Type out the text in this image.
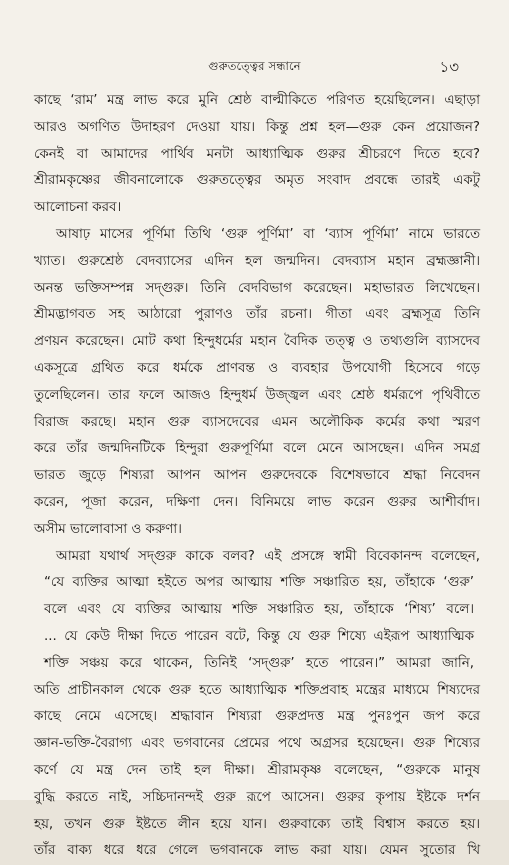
গুরুতত্ত্বের সন্ধানে	১৩
কাছে ‘রাম’ মন্ত্র লাভ করে মুনি শ্রেষ্ঠ বাল্মীকিতে পরিণত হয়েছিলেন। এছাড়া
আরও অগণিত উদাহরণ দেওয়া যায়। কিন্তু প্রশ্ন হল—গুরু কেন প্রয়োজন?
কেনই বা আমাদের পার্থিব মনটা আধ্যাত্মিক গুরুর শ্রীচরণে দিতে হবে?
শ্রীরামকৃষ্ণের জীবনালোকে গুরুতত্ত্বের অমৃত সংবাদ প্রবন্ধে তারই একটু
আলোচনা করব।
আষাঢ় মাসের পূর্ণিমা তিথি ‘গুরু পূর্ণিমা’ বা ‘ব্যাস পূর্ণিমা’ নামে ভারতে
খ্যাত। গুরুশ্রেষ্ঠ বেদব্যাসের এদিন হল জন্মদিন। বেদব্যাস মহান ব্রহ্মজ্ঞানী।
অনন্ত ভক্তিসম্পন্ন সদ্‌গুরু। তিনি বেদবিভাগ করেছেন। মহাভারত লিখেছেন।
শ্রীমদ্ভাগবত সহ আঠারো পুরাণও তাঁর রচনা। গীতা এবং ব্রহ্মসূত্র তিনি
প্রণয়ন করেছেন। মোট কথা হিন্দুধর্মের মহান বৈদিক তত্ত্ব ও তথ্যগুলি ব্যাসদেব
একসূত্রে গ্রথিত করে ধর্মকে প্রাণবন্ত ও ব্যবহার উপযোগী হিসেবে গড়ে
তুলেছিলেন। তার ফলে আজও হিন্দুধর্ম উজ্জ্বল এবং শ্রেষ্ঠ ধর্মরূপে পৃথিবীতে
বিরাজ করছে। মহান গুরু ব্যাসদেবের এমন অলৌকিক কর্মের কথা স্মরণ
করে তাঁর জন্মদিনটিকে হিন্দুরা গুরুপূর্ণিমা বলে মেনে আসছেন। এদিন সমগ্র
ভারত জুড়ে শিষ্যরা আপন আপন গুরুদেবকে বিশেষভাবে শ্রদ্ধা নিবেদন
করেন, পূজা করেন, দক্ষিণা দেন। বিনিময়ে লাভ করেন গুরুর আশীর্বাদ।
অসীম ভালোবাসা ও করুণা।
আমরা যথার্থ সদ্‌গুরু কাকে বলব? এই প্রসঙ্গে স্বামী বিবেকানন্দ বলেছেন,
“যে ব্যক্তির আত্মা হইতে অপর আত্মায় শক্তি সঞ্চারিত হয়, তাঁহাকে ‘গুরু’
বলে এবং যে ব্যক্তির আত্মায় শক্তি সঞ্চারিত হয়, তাঁহাকে ‘শিষ্য’ বলে।
... যে কেউ দীক্ষা দিতে পারেন বটে, কিন্তু যে গুরু শিষ্যে এইরূপ আধ্যাত্মিক
শক্তি সঞ্চয় করে থাকেন, তিনিই ‘সদ্‌গুরু’ হতে পারেন।” আমরা জানি,
অতি প্রাচীনকাল থেকে গুরু হতে আধ্যাত্মিক শক্তিপ্রবাহ মন্ত্রের মাধ্যমে শিষ্যদের
কাছে নেমে এসেছে। শ্রদ্ধাবান শিষ্যরা গুরুপ্রদত্ত মন্ত্র পুনঃপুন জপ করে
জ্ঞান-ভক্তি-বৈরাগ্য এবং ভগবানের প্রেমের পথে অগ্রসর হয়েছেন। গুরু শিষ্যের
কর্ণে যে মন্ত্র দেন তাই হল দীক্ষা। শ্রীরামকৃষ্ণ বলেছেন, “গুরুকে মানুষ
বুদ্ধি করতে নাই, সচ্চিদানন্দই গুরু রূপে আসেন। গুরুর কৃপায় ইষ্টকে দর্শন
হয়, তখন গুরু ইষ্টতে লীন হয়ে যান। গুরুবাক্যে তাই বিশ্বাস করতে হয়।
তাঁর বাক্য ধরে ধরে গেলে ভগবানকে লাভ করা যায়। যেমন সুতোর খি
